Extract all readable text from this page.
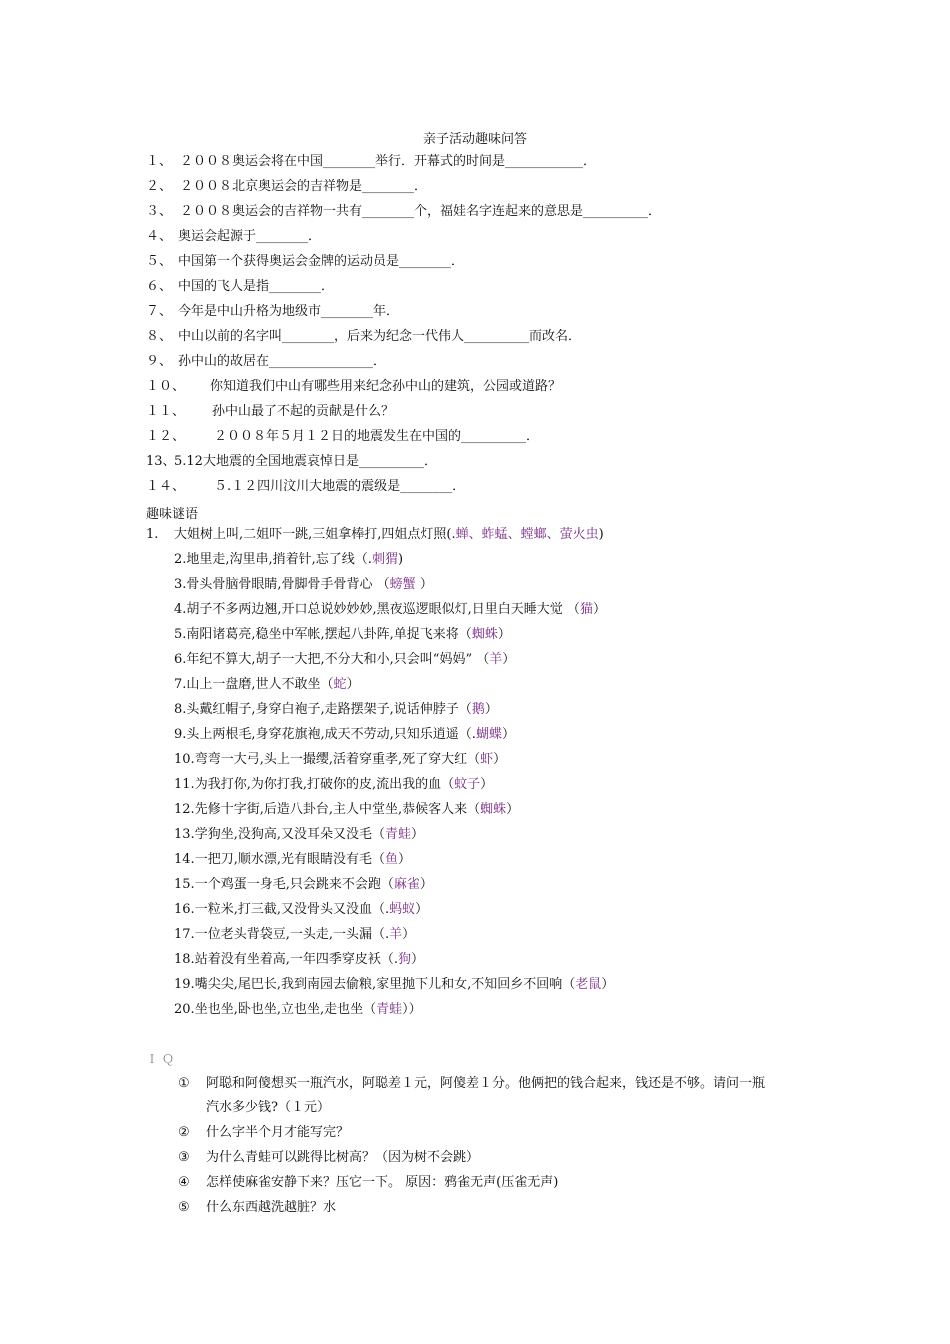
亲子活动趣味问答
１、 ２００８奥运会将在中国________举行．开幕式的时间是____________．
２、 ２００８北京奥运会的吉祥物是________．
３、 ２００８奥运会的吉祥物一共有________个，福娃名字连起来的意思是__________．
４、 奥运会起源于________．
５、 中国第一个获得奥运会金牌的运动员是________．
６、 中国的飞人是指________．
７、 今年是中山升格为地级市________年．
８、 中山以前的名字叫________，后来为纪念一代伟人__________而改名．
９、 孙中山的故居在________________．
１０、 你知道我们中山有哪些用来纪念孙中山的建筑，公园或道路？
１１、 孙中山最了不起的贡献是什么？
１２、 ２００８年５月１２日的地震发生在中国的__________．
13、5.12大地震的全国地震哀悼日是__________．
１４、 ５.１２四川汶川大地震的震级是________．
趣味谜语
1. 大姐树上叫,二姐吓一跳,三姐拿棒打,四姐点灯照(.蝉、蚱蜢、螳螂、萤火虫)
2.地里走,沟里串,捎着针,忘了线（.刺猬)
3.骨头骨脑骨眼睛,骨脚骨手骨背心 （螃蟹 ）
4.胡子不多两边翘,开口总说妙妙妙,黑夜巡逻眼似灯,日里白天睡大觉 （猫）
5.南阳诸葛亮,稳坐中军帐,摆起八卦阵,单捉飞来将（蜘蛛）
6.年纪不算大,胡子一大把,不分大和小,只会叫“妈妈” （羊）
7.山上一盘磨,世人不敢坐（蛇）
8.头戴红帽子,身穿白袍子,走路摆架子,说话伸脖子（鹅）
9.头上两根毛,身穿花旗袍,成天不劳动,只知乐逍遥（.蝴蝶）
10.弯弯一大弓,头上一撮缨,活着穿重孝,死了穿大红（虾）
11.为我打你,为你打我,打破你的皮,流出我的血（蚊子）
12.先修十字街,后造八卦台,主人中堂坐,恭候客人来（蜘蛛）
13.学狗坐,没狗高,又没耳朵又没毛（青蛙）
14.一把刀,顺水漂,光有眼睛没有毛（鱼）
15.一个鸡蛋一身毛,只会跳来不会跑（麻雀）
16.一粒米,打三截,又没骨头又没血（.蚂蚁）
17.一位老头背袋豆,一头走,一头漏（.羊）
18.站着没有坐着高,一年四季穿皮袄（.狗）
19.嘴尖尖,尾巴长,我到南园去偷粮,家里抛下儿和女,不知回乡不回响（老鼠）
20.坐也坐,卧也坐,立也坐,走也坐（青蛙））
ＩＱ
① 阿聪和阿傻想买一瓶汽水，阿聪差１元，阿傻差１分。他俩把的钱合起来，钱还是不够。请问一瓶
汽水多少钱?（１元）
② 什么字半个月才能写完？
③ 为什么青蛙可以跳得比树高？（因为树不会跳）
④ 怎样使麻雀安静下来？压它一下。 原因：鸦雀无声(压雀无声)
⑤ 什么东西越洗越脏？水
